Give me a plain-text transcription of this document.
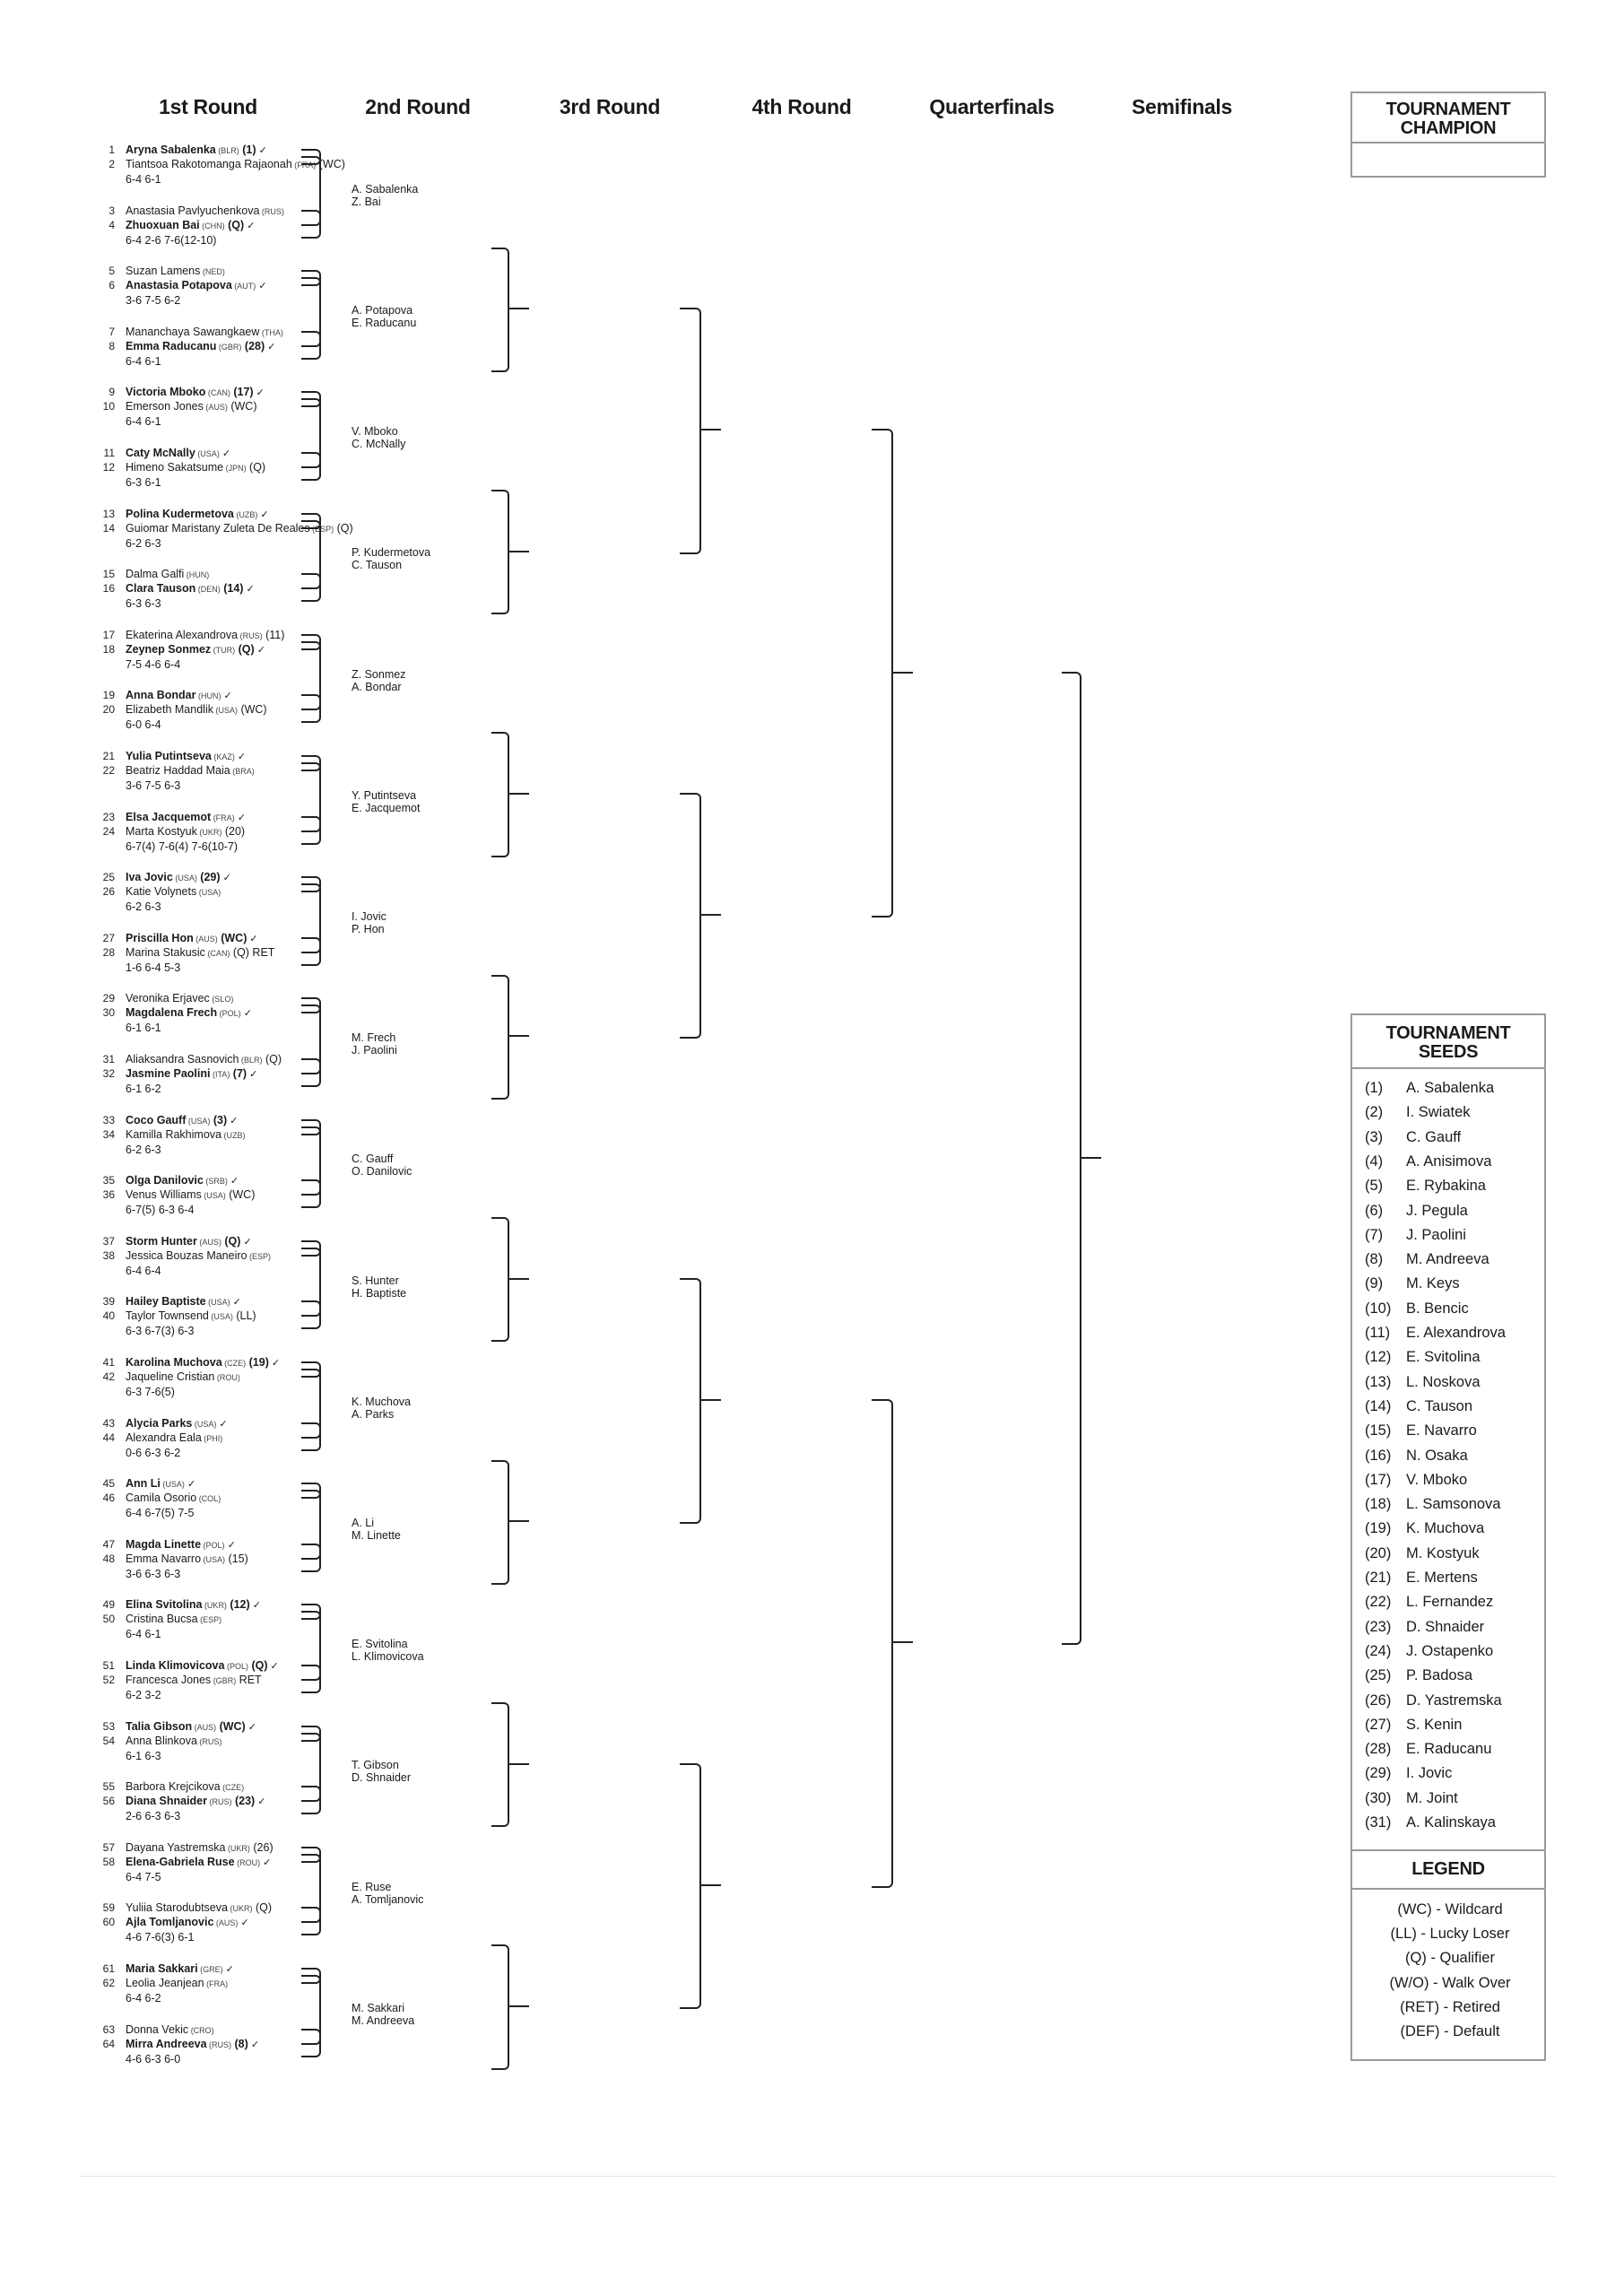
1st Round	2nd Round	3rd Round	4th Round	Quarterfinals	Semifinals
1 Aryna Sabalenka (BLR) (1) ✓
2 Tiantsoa Rakotomanga Rajaonah (FRA) (WC)
6-4 6-1
3 Anastasia Pavlyuchenkova (RUS)
4 Zhuoxuan Bai (CHN) (Q) ✓
6-4 2-6 7-6(12-10)
5 Suzan Lamens (NED)
6 Anastasia Potapova (AUT) ✓
3-6 7-5 6-2
7 Mananchaya Sawangkaew (THA)
8 Emma Raducanu (GBR) (28) ✓
6-4 6-1
9 Victoria Mboko (CAN) (17) ✓
10 Emerson Jones (AUS) (WC)
6-4 6-1
11 Caty McNally (USA) ✓
12 Himeno Sakatsume (JPN) (Q)
6-3 6-1
13 Polina Kudermetova (UZB) ✓
14 Guiomar Maristany Zuleta De Reales (ESP) (Q)
6-2 6-3
15 Dalma Galfi (HUN)
16 Clara Tauson (DEN) (14) ✓
6-3 6-3
17 Ekaterina Alexandrova (RUS) (11)
18 Zeynep Sonmez (TUR) (Q) ✓
7-5 4-6 6-4
19 Anna Bondar (HUN) ✓
20 Elizabeth Mandlik (USA) (WC)
6-0 6-4
21 Yulia Putintseva (KAZ) ✓
22 Beatriz Haddad Maia (BRA)
3-6 7-5 6-3
23 Elsa Jacquemot (FRA) ✓
24 Marta Kostyuk (UKR) (20)
6-7(4) 7-6(4) 7-6(10-7)
25 Iva Jovic (USA) (29) ✓
26 Katie Volynets (USA)
6-2 6-3
27 Priscilla Hon (AUS) (WC) ✓
28 Marina Stakusic (CAN) (Q) RET
1-6 6-4 5-3
29 Veronika Erjavec (SLO)
30 Magdalena Frech (POL) ✓
6-1 6-1
31 Aliaksandra Sasnovich (BLR) (Q)
32 Jasmine Paolini (ITA) (7) ✓
6-1 6-2
33 Coco Gauff (USA) (3) ✓
34 Kamilla Rakhimova (UZB)
6-2 6-3
35 Olga Danilovic (SRB) ✓
36 Venus Williams (USA) (WC)
6-7(5) 6-3 6-4
37 Storm Hunter (AUS) (Q) ✓
38 Jessica Bouzas Maneiro (ESP)
6-4 6-4
39 Hailey Baptiste (USA) ✓
40 Taylor Townsend (USA) (LL)
6-3 6-7(3) 6-3
41 Karolina Muchova (CZE) (19) ✓
42 Jaqueline Cristian (ROU)
6-3 7-6(5)
43 Alycia Parks (USA) ✓
44 Alexandra Eala (PHI)
0-6 6-3 6-2
45 Ann Li (USA) ✓
46 Camila Osorio (COL)
6-4 6-7(5) 7-5
47 Magda Linette (POL) ✓
48 Emma Navarro (USA) (15)
3-6 6-3 6-3
49 Elina Svitolina (UKR) (12) ✓
50 Cristina Bucsa (ESP)
6-4 6-1
51 Linda Klimovicova (POL) (Q) ✓
52 Francesca Jones (GBR) RET
6-2 3-2
53 Talia Gibson (AUS) (WC) ✓
54 Anna Blinkova (RUS)
6-1 6-3
55 Barbora Krejcikova (CZE)
56 Diana Shnaider (RUS) (23) ✓
2-6 6-3 6-3
57 Dayana Yastremska (UKR) (26)
58 Elena-Gabriela Ruse (ROU) ✓
6-4 7-5
59 Yuliia Starodubtseva (UKR) (Q)
60 Ajla Tomljanovic (AUS) ✓
4-6 7-6(3) 6-1
61 Maria Sakkari (GRE) ✓
62 Leolia Jeanjean (FRA)
6-4 6-2
63 Donna Vekic (CRO)
64 Mirra Andreeva (RUS) (8) ✓
4-6 6-3 6-0
A. Sabalenka
Z. Bai
A. Potapova
E. Raducanu
V. Mboko
C. McNally
P. Kudermetova
C. Tauson
Z. Sonmez
A. Bondar
Y. Putintseva
E. Jacquemot
I. Jovic
P. Hon
M. Frech
J. Paolini
C. Gauff
O. Danilovic
S. Hunter
H. Baptiste
K. Muchova
A. Parks
A. Li
M. Linette
E. Svitolina
L. Klimovicova
T. Gibson
D. Shnaider
E. Ruse
A. Tomljanovic
M. Sakkari
M. Andreeva
TOURNAMENT
CHAMPION
TOURNAMENT
SEEDS
(1) A. Sabalenka
(2) I. Swiatek
(3) C. Gauff
(4) A. Anisimova
(5) E. Rybakina
(6) J. Pegula
(7) J. Paolini
(8) M. Andreeva
(9) M. Keys
(10) B. Bencic
(11) E. Alexandrova
(12) E. Svitolina
(13) L. Noskova
(14) C. Tauson
(15) E. Navarro
(16) N. Osaka
(17) V. Mboko
(18) L. Samsonova
(19) K. Muchova
(20) M. Kostyuk
(21) E. Mertens
(22) L. Fernandez
(23) D. Shnaider
(24) J. Ostapenko
(25) P. Badosa
(26) D. Yastremska
(27) S. Kenin
(28) E. Raducanu
(29) I. Jovic
(30) M. Joint
(31) A. Kalinskaya
LEGEND
(WC) - Wildcard
(LL) - Lucky Loser
(Q) - Qualifier
(W/O) - Walk Over
(RET) - Retired
(DEF) - Default
